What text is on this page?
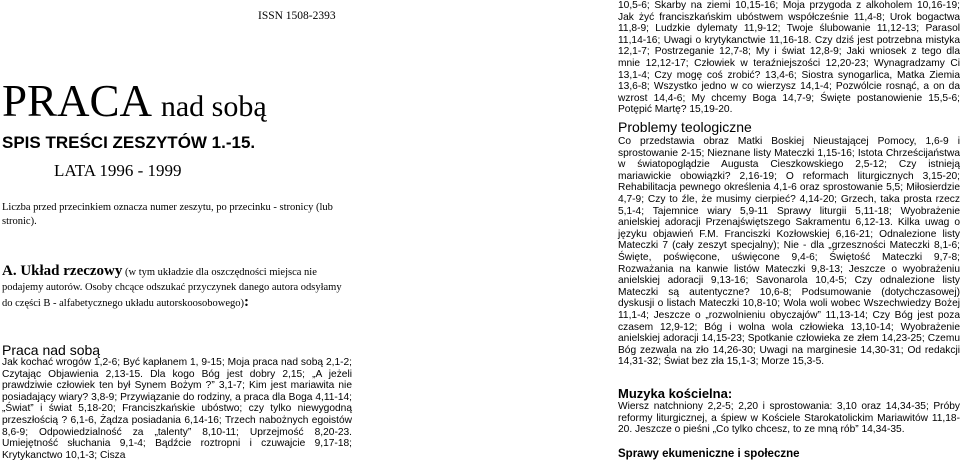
ISSN 1508-2393
PRACA nad sobą
SPIS TREŚCI ZESZYTÓW 1.-15.
LATA 1996 - 1999
Liczba przed przecinkiem oznacza numer zeszytu, po przecinku - stronicy (lub stronic).
A. Układ rzeczowy (w tym układzie dla oszczędności miejsca nie podajemy autorów. Osoby chcące odszukać przyczynek danego autora odsyłamy do części B - alfabetycznego układu autorskoosobowego):
Praca nad sobą
Jak kochać wrogów 1,2-6; Być kapłanem 1, 9-15; Moja praca nad sobą 2,1-2; Czytając Objawienia 2,13-15. Dla kogo Bóg jest dobry 2,15; „A jeżeli prawdziwie człowiek ten był Synem Bożym ?” 3,1-7; Kim jest mariawita nie posiadający wiary? 3,8-9; Przywiązanie do rodziny, a praca dla Boga 4,11-14; „Świat” i świat 5,18-20; Franciszkańskie ubóstwo; czy tylko niewygodną przeszłością ? 6,1-6, Żądza posiadania 6,14-16; Trzech nabożnych egoistów 8,6-9; Odpowiedzialność za „talenty” 8,10-11; Uprzejmość 8,20-23. Umiejętność słuchania 9,1-4; Bądźcie roztropni i czuwajcie 9,17-18; Krytykanctwo 10,1-3; Cisza

10,5-6; Skarby na ziemi 10,15-16; Moja przygoda z alkoholem 10,16-19; Jak żyć franciszkańskim ubóstwem współcześnie 11,4-8; Urok bogactwa 11,8-9; Ludzkie dylematy 11,9-12; Twoje ślubowanie 11,12-13; Parasol 11,14-16; Uwagi o krytykanctwie 11,16-18. Czy dziś jest potrzebna mistyka 12,1-7; Postrzeganie 12,7-8; My i świat 12,8-9; Jaki wniosek z tego dla mnie 12,12-17; Człowiek w teraźniejszości 12,20-23; Wynagradzamy Ci 13,1-4; Czy mogę coś zrobić? 13,4-6; Siostra synogarlica, Matka Ziemia 13,6-8; Wszystko jedno w co wierzysz 14,1-4; Pozwólcie rosnąć, a on da wzrost 14,4-6; My chcemy Boga 14,7-9; Święte postanowienie 15,5-6; Potępić Martę? 15,19-20.

Problemy teologiczne

Co przedstawia obraz Matki Boskiej Nieustającej Pomocy, 1,6-9 i sprostowanie 2-15; Nieznane listy Mateczki 1,15-16; Istota Chrześcijaństwa w światopoglądzie Augusta Cieszkowskiego 2,5-12; Czy istnieją mariawickie obowiązki? 2,16-19; O reformach liturgicznych 3,15-20; Rehabilitacja pewnego określenia 4,1-6 oraz sprostowanie 5,5; Miłosierdzie 4,7-9; Czy to źle, że musimy cierpieć? 4,14-20; Grzech, taka prosta rzecz 5,1-4; Tajemnice wiary 5,9-11 Sprawy liturgii 5,11-18; Wyobrażenie anielskiej adoracji Przenajświętszego Sakramentu 6,12-13. Kilka uwag o języku objawień F.M. Franciszki Kozłowskiej 6,16-21; Odnalezione listy Mateczki 7 (cały zeszyt specjalny); Nie - dla „grzeszności Mateczki 8,1-6; Święte, poświęcone, uświęcone 9,4-6; Świętość Mateczki 9,7-8; Rozważania na kanwie listów Mateczki 9,8-13; Jeszcze o wyobrażeniu anielskiej adoracji 9,13-16; Savonarola 10,4-5; Czy odnalezione listy Mateczki są autentyczne? 10,6-8; Podsumowanie (dotychczasowej) dyskusji o listach Mateczki 10,8-10; Wola woli wobec Wszechwiedzy Bożej 11,1-4; Jeszcze o „rozwolnieniu obyczajów” 11,13-14; Czy Bóg jest poza czasem 12,9-12; Bóg i wolna wola człowieka 13,10-14; Wyobrażenie anielskiej adoracji 14,15-23; Spotkanie człowieka ze złem 14,23-25; Czemu Bóg zezwala na zło 14,26-30; Uwagi na marginesie 14,30-31; Od redakcji 14,31-32; Świat bez zła 15,1-3; Morze 15,3-5.

Muzyka kościelna:

Wiersz natchniony 2,2-5; 2,20 i sprostowania: 3,10 oraz 14,34-35; Próby reformy liturgicznej, a śpiew w Kościele Starokatolickim Mariawitów 11,18-20. Jeszcze o pieśni „Co tylko chcesz, to ze mną rób” 14,34-35.

Sprawy ekumeniczne i społeczne
